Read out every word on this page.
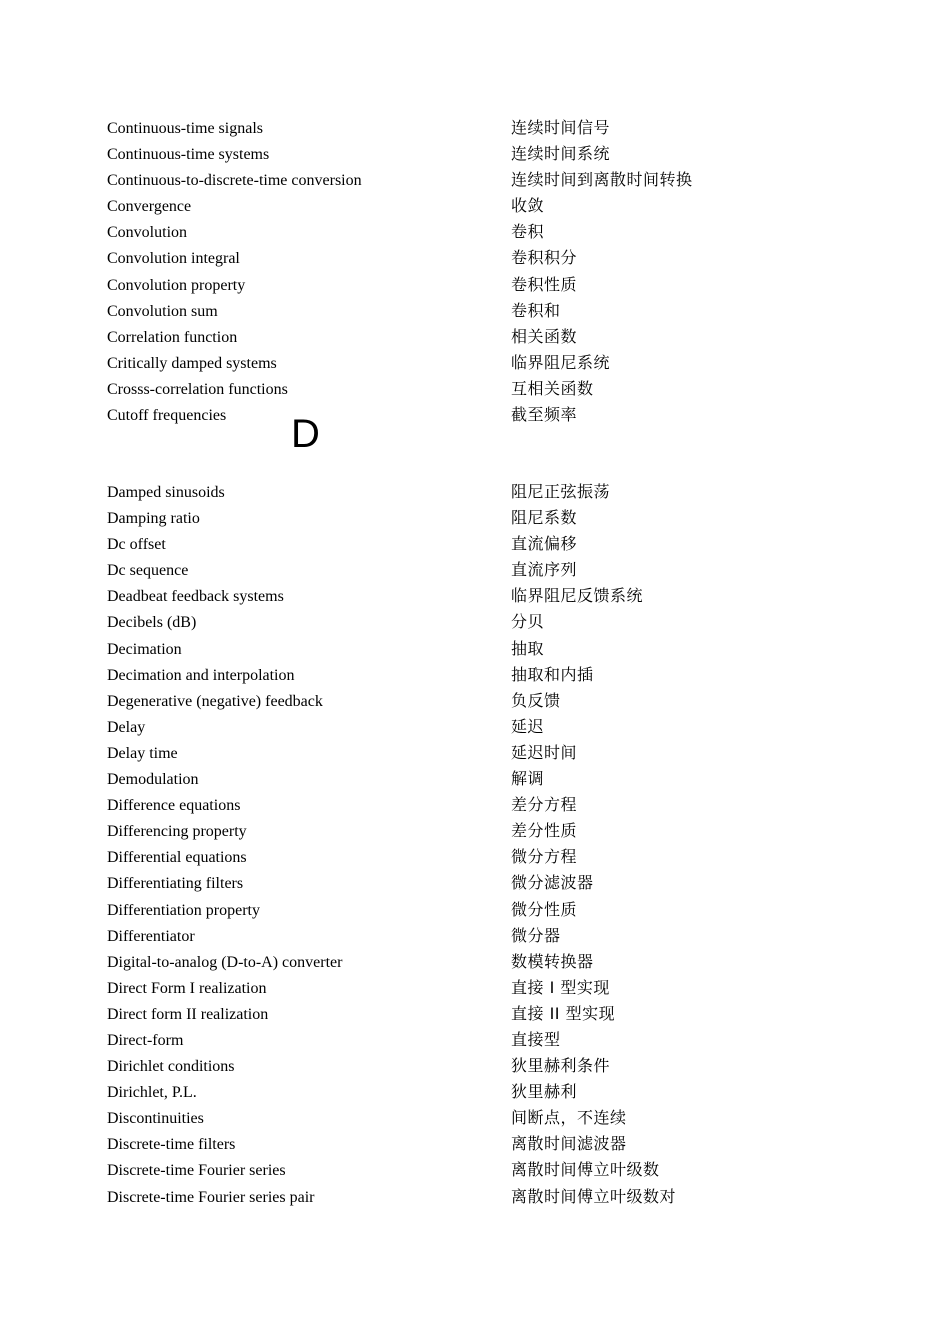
Continuous-time signals	连续时间信号
Continuous-time systems	连续时间系统
Continuous-to-discrete-time conversion	连续时间到离散时间转换
Convergence	收敛
Convolution	卷积
Convolution integral	卷积积分
Convolution property	卷积性质
Convolution sum	卷积和
Correlation function	相关函数
Critically damped systems	临界阻尼系统
Crosss-correlation functions	互相关函数
Cutoff frequencies	截至频率
D
Damped sinusoids	阻尼正弦振荡
Damping ratio	阻尼系数
Dc offset	直流偏移
Dc sequence	直流序列
Deadbeat feedback systems	临界阻尼反馈系统
Decibels (dB)	分贝
Decimation	抽取
Decimation and interpolation	抽取和内插
Degenerative (negative) feedback	负反馈
Delay	延迟
Delay time	延迟时间
Demodulation	解调
Difference equations	差分方程
Differencing property	差分性质
Differential equations	微分方程
Differentiating filters	微分滤波器
Differentiation property	微分性质
Differentiator	微分器
Digital-to-analog (D-to-A) converter	数模转换器
Direct Form I realization	直接 I 型实现
Direct form II realization	直接 II 型实现
Direct-form	直接型
Dirichlet conditions	狄里赫利条件
Dirichlet, P.L.	狄里赫利
Discontinuities	间断点，不连续
Discrete-time filters	离散时间滤波器
Discrete-time Fourier series	离散时间傅立叶级数
Discrete-time Fourier series pair	离散时间傅立叶级数对
